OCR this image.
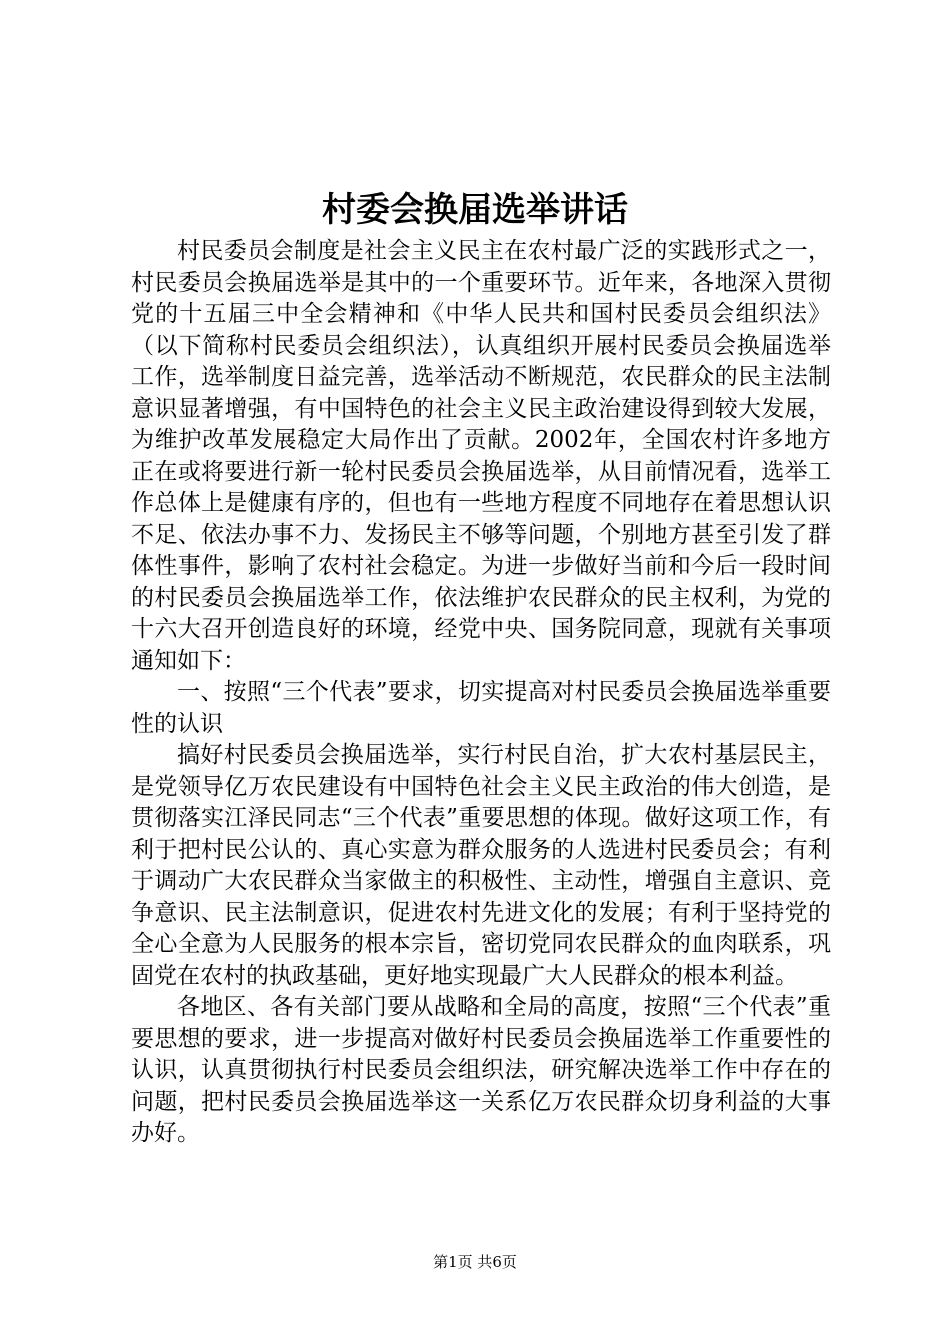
村委会换届选举讲话

村民委员会制度是社会主义民主在农村最广泛的实践形式之一，村民委员会换届选举是其中的一个重要环节。近年来，各地深入贯彻党的十五届三中全会精神和《中华人民共和国村民委员会组织法》（以下简称村民委员会组织法），认真组织开展村民委员会换届选举工作，选举制度日益完善，选举活动不断规范，农民群众的民主法制意识显著增强，有中国特色的社会主义民主政治建设得到较大发展，为维护改革发展稳定大局作出了贡献。2002年，全国农村许多地方正在或将要进行新一轮村民委员会换届选举，从目前情况看，选举工作总体上是健康有序的，但也有一些地方程度不同地存在着思想认识不足、依法办事不力、发扬民主不够等问题，个别地方甚至引发了群体性事件，影响了农村社会稳定。为进一步做好当前和今后一段时间的村民委员会换届选举工作，依法维护农民群众的民主权利，为党的十六大召开创造良好的环境，经党中央、国务院同意，现就有关事项通知如下：

一、按照“三个代表”要求，切实提高对村民委员会换届选举重要性的认识

搞好村民委员会换届选举，实行村民自治，扩大农村基层民主，是党领导亿万农民建设有中国特色社会主义民主政治的伟大创造，是贯彻落实江泽民同志“三个代表”重要思想的体现。做好这项工作，有利于把村民公认的、真心实意为群众服务的人选进村民委员会；有利于调动广大农民群众当家做主的积极性、主动性，增强自主意识、竞争意识、民主法制意识，促进农村先进文化的发展；有利于坚持党的全心全意为人民服务的根本宗旨，密切党同农民群众的血肉联系，巩固党在农村的执政基础，更好地实现最广大人民群众的根本利益。

各地区、各有关部门要从战略和全局的高度，按照“三个代表”重要思想的要求，进一步提高对做好村民委员会换届选举工作重要性的认识，认真贯彻执行村民委员会组织法，研究解决选举工作中存在的问题，把村民委员会换届选举这一关系亿万农民群众切身利益的大事办好。

第1页 共6页
